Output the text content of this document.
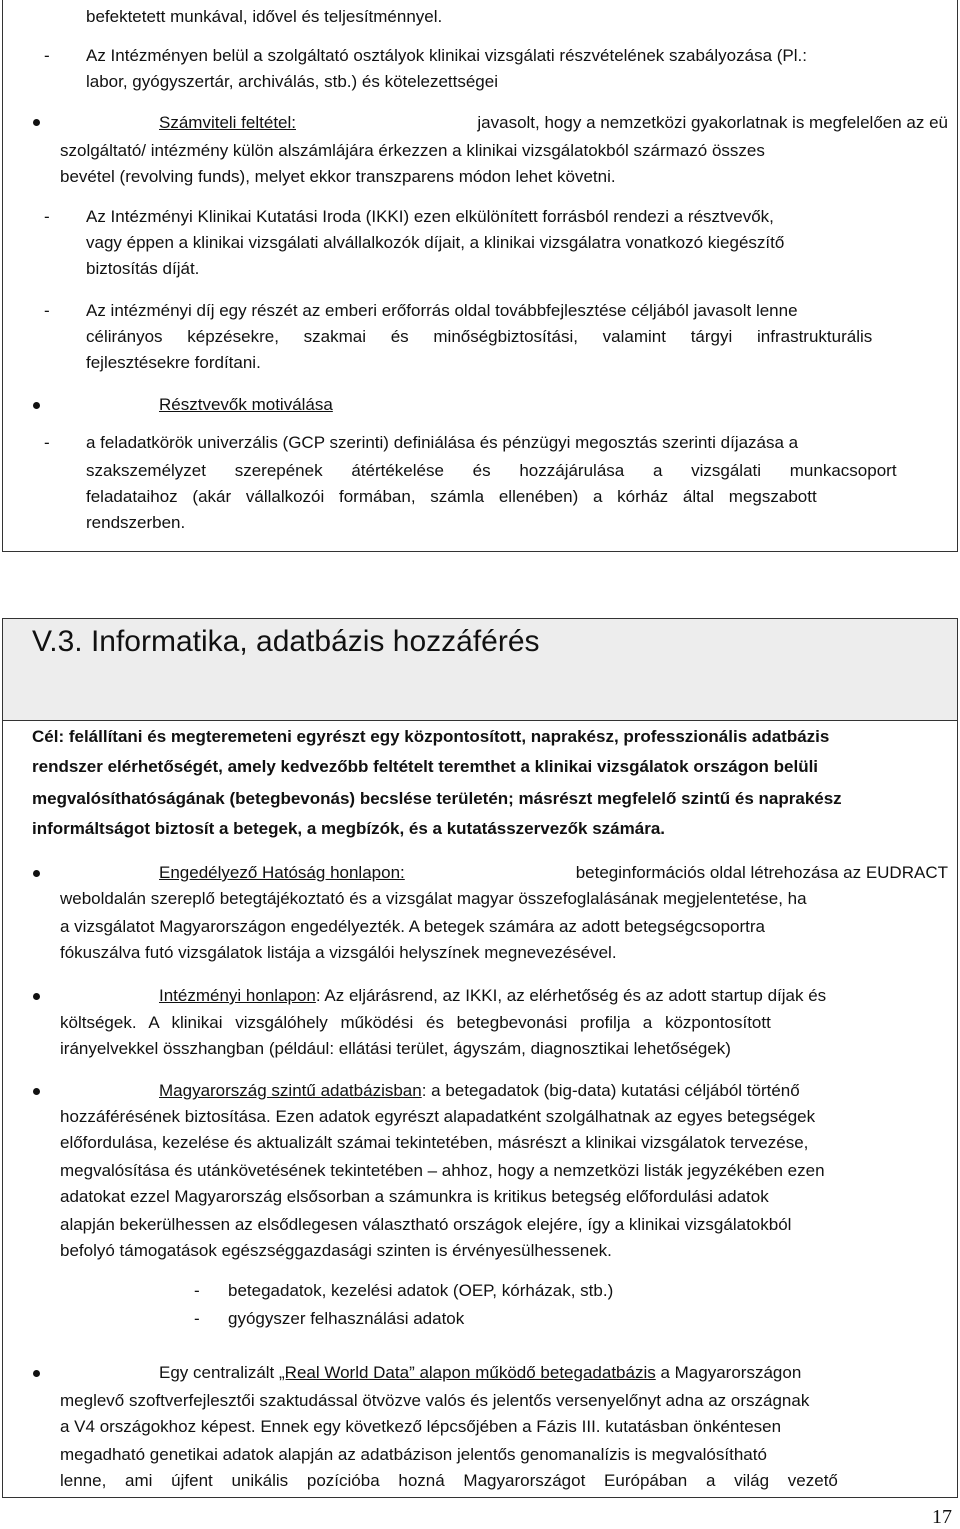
V.3. Informatika, adatbázis hozzáférés
befektetett munkával, idővel és teljesítménnyel.
- Az Intézményen belül a szolgáltató osztályok klinikai vizsgálati részvételének szabályozása (Pl.:
labor, gyógyszertár, archiválás, stb.) és kötelezettségei
Számviteli feltétel:	javasolt, hogy a nemzetközi gyakorlatnak is megfelelően az eü
szolgáltató/ intézmény külön alszámlájára érkezzen a klinikai vizsgálatokból származó összes
bevétel (revolving funds), melyet ekkor transzparens módon lehet követni.
- Az Intézményi Klinikai Kutatási Iroda (IKKI) ezen elkülönített forrásból rendezi a résztvevők,
vagy éppen a klinikai vizsgálati alvállalkozók díjait, a klinikai vizsgálatra vonatkozó kiegészítő
biztosítás díját.
- Az intézményi díj egy részét az emberi erőforrás oldal továbbfejlesztése céljából javasolt lenne
célirányos képzésekre, szakmai és minőségbiztosítási, valamint tárgyi infrastrukturális
fejlesztésekre fordítani.
Résztvevők motiválása
- a feladatkörök univerzális (GCP szerinti) definiálása és pénzügyi megosztás szerinti díjazása a
szakszemélyzet szerepének átértékelése és hozzájárulása a vizsgálati munkacsoport
feladataihoz (akár vállalkozói formában, számla ellenében) a kórház által megszabott
rendszerben.
Cél: felállítani és megteremeteni egyrészt egy központosított, naprakész, professzionális adatbázis
rendszer elérhetőségét, amely kedvezőbb feltételt teremthet a klinikai vizsgálatok országon belüli
megvalósíthatóságának (betegbevonás) becslése területén; másrészt megfelelő szintű és naprakész
informáltságot biztosít a betegek, a megbízók, és a kutatásszervezők számára.
Engedélyező Hatóság honlapon:	beteginformációs oldal létrehozása az EUDRACT
weboldalán szereplő betegtájékoztató és a vizsgálat magyar összefoglalásának megjelentetése, ha
a vizsgálatot Magyarországon engedélyezték. A betegek számára az adott betegségcsoportra
fókuszálva futó vizsgálatok listája a vizsgálói helyszínek megnevezésével.
Intézményi honlapon: Az eljárásrend, az IKKI, az elérhetőség és az adott startup díjak és
költségek. A klinikai vizsgálóhely működési és betegbevonási profilja a központosított
irányelvekkel összhangban (például: ellátási terület, ágyszám, diagnosztikai lehetőségek)
Magyarország szintű adatbázisban: a betegadatok (big-data) kutatási céljából történő
hozzáférésének biztosítása. Ezen adatok egyrészt alapadatként szolgálhatnak az egyes betegségek
előfordulása, kezelése és aktualizált számai tekintetében, másrészt a klinikai vizsgálatok tervezése,
megvalósítása és utánkövetésének tekintetében – ahhoz, hogy a nemzetközi listák jegyzékében ezen
adatokat ezzel Magyarország elsősorban a számunkra is kritikus betegség előfordulási adatok
alapján bekerülhessen az elsődlegesen választható országok elejére, így a klinikai vizsgálatokból
befolyó támogatások egészséggazdasági szinten is érvényesülhessenek.
- betegadatok, kezelési adatok (OEP, kórházak, stb.)
- gyógyszer felhasználási adatok
Egy centralizált „Real World Data” alapon működő betegadatbázis a Magyarországon
meglevő szoftverfejlesztői szaktudással ötvözve valós és jelentős versenyelőnyt adna az országnak
a V4 országokhoz képest. Ennek egy következő lépcsőjében a Fázis III. kutatásban önkéntesen
megadható genetikai adatok alapján az adatbázison jelentős genomanalízis is megvalósítható
lenne, ami újfent unikális pozícióba hozná Magyarországot Európában a világ vezető
17
